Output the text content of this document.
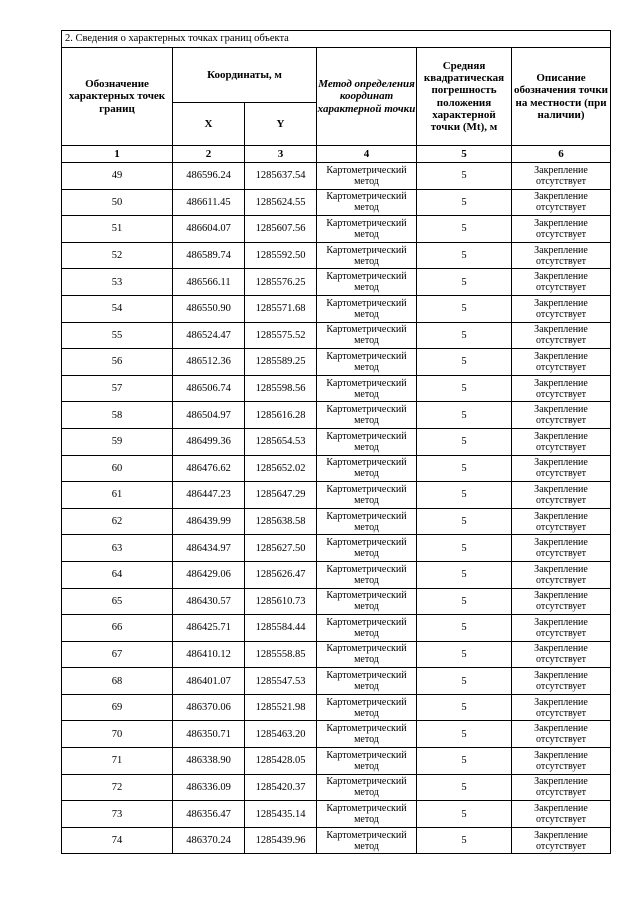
2. Сведения о характерных точках границ объекта					
Обозначение характерных точек границ	Координаты, м		Метод определения координат характерной точки	Средняя квадратическая погрешность положения характерной точки (Mt), м	Описание обозначения точки на местности (при наличии)
	X	Y			
1	2	3	4	5	6
49	486596.24	1285637.54	Картометрический метод	5	Закрепление отсутствует
50	486611.45	1285624.55	Картометрический метод	5	Закрепление отсутствует
51	486604.07	1285607.56	Картометрический метод	5	Закрепление отсутствует
52	486589.74	1285592.50	Картометрический метод	5	Закрепление отсутствует
53	486566.11	1285576.25	Картометрический метод	5	Закрепление отсутствует
54	486550.90	1285571.68	Картометрический метод	5	Закрепление отсутствует
55	486524.47	1285575.52	Картометрический метод	5	Закрепление отсутствует
56	486512.36	1285589.25	Картометрический метод	5	Закрепление отсутствует
57	486506.74	1285598.56	Картометрический метод	5	Закрепление отсутствует
58	486504.97	1285616.28	Картометрический метод	5	Закрепление отсутствует
59	486499.36	1285654.53	Картометрический метод	5	Закрепление отсутствует
60	486476.62	1285652.02	Картометрический метод	5	Закрепление отсутствует
61	486447.23	1285647.29	Картометрический метод	5	Закрепление отсутствует
62	486439.99	1285638.58	Картометрический метод	5	Закрепление отсутствует
63	486434.97	1285627.50	Картометрический метод	5	Закрепление отсутствует
64	486429.06	1285626.47	Картометрический метод	5	Закрепление отсутствует
65	486430.57	1285610.73	Картометрический метод	5	Закрепление отсутствует
66	486425.71	1285584.44	Картометрический метод	5	Закрепление отсутствует
67	486410.12	1285558.85	Картометрический метод	5	Закрепление отсутствует
68	486401.07	1285547.53	Картометрический метод	5	Закрепление отсутствует
69	486370.06	1285521.98	Картометрический метод	5	Закрепление отсутствует
70	486350.71	1285463.20	Картометрический метод	5	Закрепление отсутствует
71	486338.90	1285428.05	Картометрический метод	5	Закрепление отсутствует
72	486336.09	1285420.37	Картометрический метод	5	Закрепление отсутствует
73	486356.47	1285435.14	Картометрический метод	5	Закрепление отсутствует
74	486370.24	1285439.96	Картометрический метод	5	Закрепление отсутствует
